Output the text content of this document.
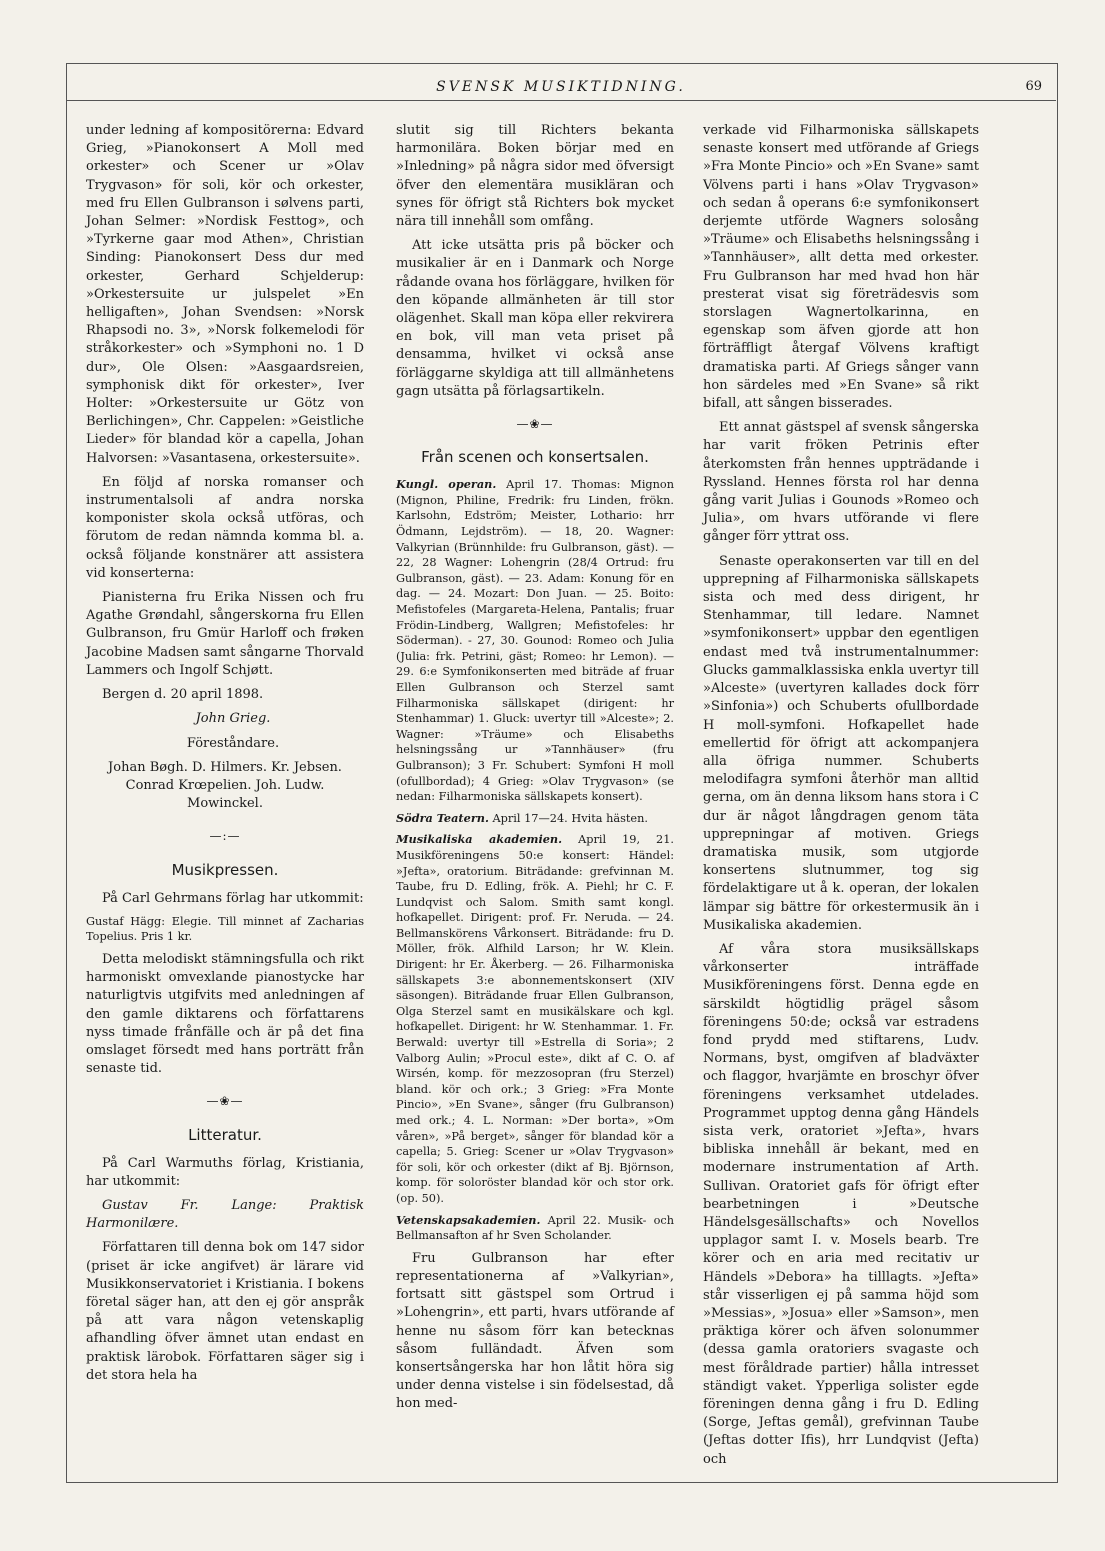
SVENSK MUSIKTIDNING.	69

under ledning af kompositörerna: Edvard Grieg, »Pianokonsert A Moll med orkester» och Scener ur »Olav Trygvason» för soli, kör och orkester, med fru Ellen Gulbranson i sølvens parti, Johan Selmer: »Nordisk Festtog», och »Tyrkerne gaar mod Athen», Christian Sinding: Pianokonsert Dess dur med orkester, Gerhard Schjelderup: »Orkestersuite ur julspelet »En helligaften», Johan Svendsen: »Norsk Rhapsodi no. 3», »Norsk folkemelodi för stråkorkester» och »Symphoni no. 1 D dur», Ole Olsen: »Aasgaardsreien, symphonisk dikt för orkester», Iver Holter: »Orkestersuite ur Götz von Berlichingen», Chr. Cappelen: »Geistliche Lieder» för blandad kör a capella, Johan Halvorsen: »Vasantasena, orkestersuite».

En följd af norska romanser och instrumentalsoli af andra norska komponister skola också utföras, och förutom de redan nämnda komma bl. a. också följande konstnärer att assistera vid konserterna:

Pianisterna fru Erika Nissen och fru Agathe Grøndahl, sångerskorna fru Ellen Gulbranson, fru Gmür Harloff och frøken Jacobine Madsen samt sångarne Thorvald Lammers och Ingolf Schjøtt.

Bergen d. 20 april 1898.

John Grieg.

Föreståndare.

Johan Bøgh. D. Hilmers. Kr. Jebsen. Conrad Krœpelien. Joh. Ludw. Mowinckel.

—:—
Musikpressen.

På Carl Gehrmans förlag har utkommit:

Gustaf Hägg: Elegie. Till minnet af Zacharias Topelius. Pris 1 kr.

Detta melodiskt stämningsfulla och rikt harmoniskt omvexlande pianostycke har naturligtvis utgifvits med anledningen af den gamle diktarens och författarens nyss timade frånfälle och är på det fina omslaget försedt med hans porträtt från senaste tid.

—❀—
Litteratur.

På Carl Warmuths förlag, Kristiania, har utkommit:

Gustav Fr. Lange: Praktisk Harmonilære.

Författaren till denna bok om 147 sidor (priset är icke angifvet) är lärare vid Musikkonservatoriet i Kristiania. I bokens företal säger han, att den ej gör anspråk på att vara någon vetenskaplig afhandling öfver ämnet utan endast en praktisk lärobok. Författaren säger sig i det stora hela ha

slutit sig till Richters bekanta harmonilära. Boken börjar med en »Inledning» på några sidor med öfversigt öfver den elementära musikläran och synes för öfrigt stå Richters bok mycket nära till innehåll som omfång.

Att icke utsätta pris på böcker och musikalier är en i Danmark och Norge rådande ovana hos förläggare, hvilken för den köpande allmänheten är till stor olägenhet. Skall man köpa eller rekvirera en bok, vill man veta priset på densamma, hvilket vi också anse förläggarne skyldiga att till allmänhetens gagn utsätta på förlagsartikeln.

—❀—
Från scenen och konsertsalen.

Kungl. operan. April 17. Thomas: Mignon (Mignon, Philine, Fredrik: fru Linden, frökn. Karlsohn, Edström; Meister, Lothario: hrr Ödmann, Lejdström). — 18, 20. Wagner: Valkyrian (Brünnhilde: fru Gulbranson, gäst). — 22, 28 Wagner: Lohengrin (28/4 Ortrud: fru Gulbranson, gäst). — 23. Adam: Konung för en dag. — 24. Mozart: Don Juan. — 25. Boito: Mefistofeles (Margareta-Helena, Pantalis; fruar Frödin-Lindberg, Wallgren; Mefistofeles: hr Söderman). - 27, 30. Gounod: Romeo och Julia (Julia: frk. Petrini, gäst; Romeo: hr Lemon). — 29. 6:e Symfonikonserten med biträde af fruar Ellen Gulbranson och Sterzel samt Filharmoniska sällskapet (dirigent: hr Stenhammar) 1. Gluck: uvertyr till »Alceste»; 2. Wagner: »Träume» och Elisabeths helsningssång ur »Tannhäuser» (fru Gulbranson); 3 Fr. Schubert: Symfoni H moll (ofullbordad); 4 Grieg: »Olav Trygvason» (se nedan: Filharmoniska sällskapets konsert).

Södra Teatern. April 17—24. Hvita hästen.

Musikaliska akademien. April 19, 21. Musikföreningens 50:e konsert: Händel: »Jefta», oratorium. Biträdande: grefvinnan M. Taube, fru D. Edling, frök. A. Piehl; hr C. F. Lundqvist och Salom. Smith samt kongl. hofkapellet. Dirigent: prof. Fr. Neruda. — 24. Bellmanskörens Vårkonsert. Biträdande: fru D. Möller, frök. Alfhild Larson; hr W. Klein. Dirigent: hr Er. Åkerberg. — 26. Filharmoniska sällskapets 3:e abonnementskonsert (XIV säsongen). Biträdande fruar Ellen Gulbranson, Olga Sterzel samt en musikälskare och kgl. hofkapellet. Dirigent: hr W. Stenhammar. 1. Fr. Berwald: uvertyr till »Estrella di Soria»; 2 Valborg Aulin; »Procul este», dikt af C. O. af Wirsén, komp. för mezzosopran (fru Sterzel) bland. kör och ork.; 3 Grieg: »Fra Monte Pincio», »En Svane», sånger (fru Gulbranson) med ork.; 4. L. Norman: »Der borta», »Om våren», »På berget», sånger för blandad kör a capella; 5. Grieg: Scener ur »Olav Trygvason» för soli, kör och orkester (dikt af Bj. Björnson, komp. för soloröster blandad kör och stor ork. (op. 50).

Vetenskapsakademien. April 22. Musik- och Bellmansafton af hr Sven Scholander.

Fru Gulbranson har efter representationerna af »Valkyrian», fortsatt sitt gästspel som Ortrud i »Lohengrin», ett parti, hvars utförande af henne nu såsom förr kan betecknas såsom fulländadt. Äfven som konsertsångerska har hon låtit höra sig under denna vistelse i sin födelsestad, då hon med-

verkade vid Filharmoniska sällskapets senaste konsert med utförande af Griegs »Fra Monte Pincio» och »En Svane» samt Völvens parti i hans »Olav Trygvason» och sedan å operans 6:e symfonikonsert derjemte utförde Wagners solosång »Träume» och Elisabeths helsningssång i »Tannhäuser», allt detta med orkester. Fru Gulbranson har med hvad hon här presterat visat sig företrädesvis som storslagen Wagnertolkarinna, en egenskap som äfven gjorde att hon förträffligt återgaf Völvens kraftigt dramatiska parti. Af Griegs sånger vann hon särdeles med »En Svane» så rikt bifall, att sången bisserades.

Ett annat gästspel af svensk sångerska har varit fröken Petrinis efter återkomsten från hennes uppträdande i Ryssland. Hennes första rol har denna gång varit Julias i Gounods »Romeo och Julia», om hvars utförande vi flere gånger förr yttrat oss.

Senaste operakonserten var till en del upprepning af Filharmoniska sällskapets sista och med dess dirigent, hr Stenhammar, till ledare. Namnet »symfonikonsert» uppbar den egentligen endast med två instrumentalnummer: Glucks gammalklassiska enkla uvertyr till »Alceste» (uvertyren kallades dock förr »Sinfonia») och Schuberts ofullbordade H moll-symfoni. Hofkapellet hade emellertid för öfrigt att ackompanjera alla öfriga nummer. Schuberts melodifagra symfoni återhör man alltid gerna, om än denna liksom hans stora i C dur är något långdragen genom täta upprepningar af motiven. Griegs dramatiska musik, som utgjorde konsertens slutnummer, tog sig fördelaktigare ut å k. operan, der lokalen lämpar sig bättre för orkestermusik än i Musikaliska akademien.

Af våra stora musiksällskaps vårkonserter inträffade Musikföreningens först. Denna egde en särskildt högtidlig prägel såsom föreningens 50:de; också var estradens fond prydd med stiftarens, Ludv. Normans, byst, omgifven af bladväxter och flaggor, hvarjämte en broschyr öfver föreningens verksamhet utdelades. Programmet upptog denna gång Händels sista verk, oratoriet »Jefta», hvars bibliska innehåll är bekant, med en modernare instrumentation af Arth. Sullivan. Oratoriet gafs för öfrigt efter bearbetningen i »Deutsche Händelsgesällschafts» och Novellos upplagor samt I. v. Mosels bearb. Tre körer och en aria med recitativ ur Händels »Debora» ha tilllagts. »Jefta» står visserligen ej på samma höjd som »Messias», »Josua» eller »Samson», men präktiga körer och äfven solonummer (dessa gamla oratoriers svagaste och mest föråldrade partier) hålla intresset ständigt vaket. Ypperliga solister egde föreningen denna gång i fru D. Edling (Sorge, Jeftas gemål), grefvinnan Taube (Jeftas dotter Ifis), hrr Lundqvist (Jefta) och
